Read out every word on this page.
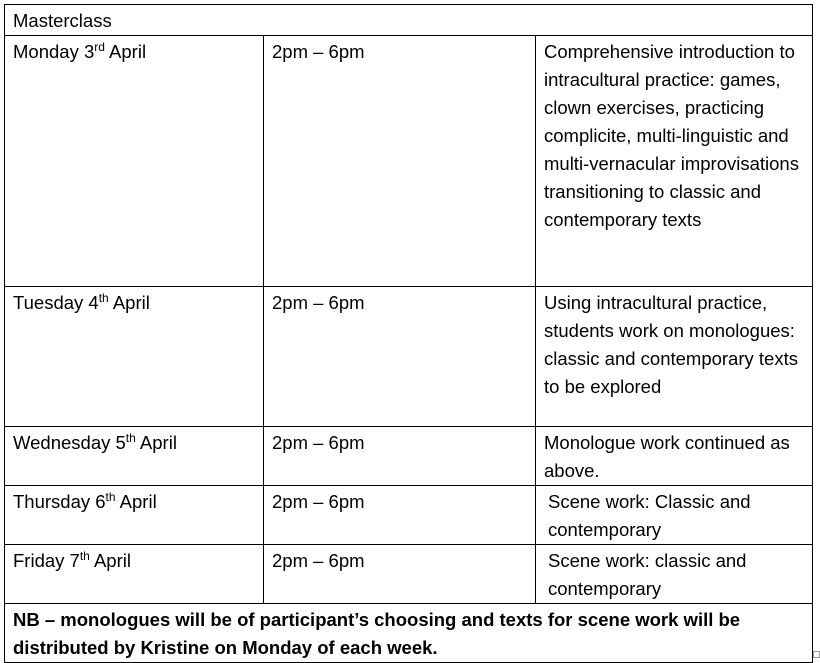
Masterclass		
Monday 3rd April	2pm – 6pm	Comprehensive introduction to intracultural practice: games, clown exercises, practicing complicite, multi-linguistic and multi-vernacular improvisations transitioning to classic and contemporary texts

Tuesday 4th April	2pm – 6pm	Using intracultural practice, students work on monologues: classic and contemporary texts to be explored

Wednesday 5th April	2pm – 6pm	Monologue work continued as above.

Thursday 6th April	2pm – 6pm	Scene work: Classic and contemporary

Friday 7th April	2pm – 6pm	Scene work: classic and contemporary

NB – monologues will be of participant’s choosing and texts for scene work will be distributed by Kristine on Monday of each week.		
